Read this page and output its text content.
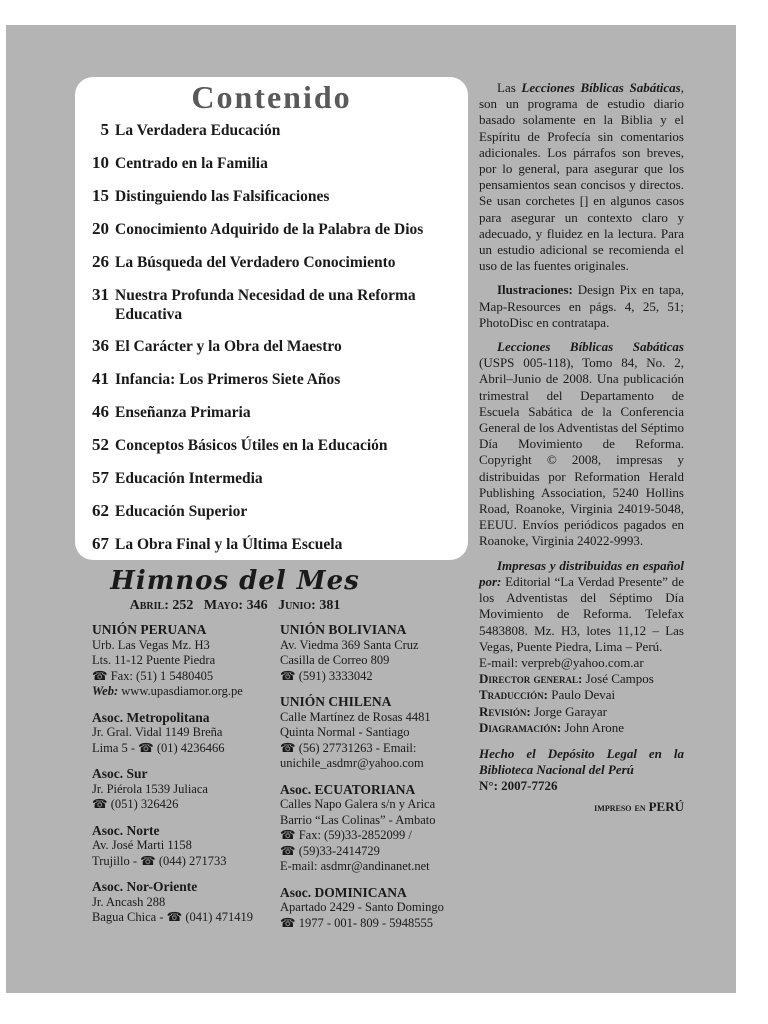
Contenido
5 La Verdadera Educación
10 Centrado en la Familia
15 Distinguiendo las Falsificaciones
20 Conocimiento Adquirido de la Palabra de Dios
26 La Búsqueda del Verdadero Conocimiento
31 Nuestra Profunda Necesidad de una Reforma
Educativa
36 El Carácter y la Obra del Maestro
41 Infancia: Los Primeros Siete Años
46 Enseñanza Primaria
52 Conceptos Básicos Útiles en la Educación
57 Educación Intermedia
62 Educación Superior
67 La Obra Final y la Última Escuela
Himnos del Mes
Abril: 252 Mayo: 346 Junio: 381
UNIÓN PERUANA
Urb. Las Vegas Mz. H3
Lts. 11-12 Puente Piedra
☎ Fax: (51) 1 5480405
Web: www.upasdiamor.org.pe
Asoc. Metropolitana
Jr. Gral. Vidal 1149 Breña
Lima 5 - ☎ (01) 4236466
Asoc. Sur
Jr. Piérola 1539 Juliaca
☎ (051) 326426
Asoc. Norte
Av. José Marti 1158
Trujillo - ☎ (044) 271733
Asoc. Nor-Oriente
Jr. Ancash 288
Bagua Chica - ☎ (041) 471419
UNIÓN BOLIVIANA
Av. Viedma 369 Santa Cruz
Casilla de Correo 809
☎ (591) 3333042
UNIÓN CHILENA
Calle Martínez de Rosas 4481
Quinta Normal - Santiago
☎ (56) 27731263 - Email:
unichile_asdmr@yahoo.com
Asoc. ECUATORIANA
Calles Napo Galera s/n y Arica
Barrio “Las Colinas” - Ambato
☎ Fax: (59)33-2852099 /
☎ (59)33-2414729
E-mail: asdmr@andinanet.net
Asoc. DOMINICANA
Apartado 2429 - Santo Domingo
☎ 1977 - 001- 809 - 5948555

Las Lecciones Bíblicas Sabáticas, son un programa de estudio diario basado solamente en la Biblia y el Espíritu de Profecía sin comentarios adicionales. Los párrafos son breves, por lo general, para asegurar que los pensamientos sean concisos y directos. Se usan corchetes [] en algunos casos para asegurar un contexto claro y adecuado, y fluidez en la lectura. Para un estudio adicional se recomienda el uso de las fuentes originales.

Ilustraciones: Design Pix en tapa, Map-Resources en págs. 4, 25, 51; PhotoDisc en contratapa.

Lecciones Bíblicas Sabáticas (USPS 005-118), Tomo 84, No. 2, Abril–Junio de 2008. Una publicación trimestral del Departamento de Escuela Sabática de la Conferencia General de los Adventistas del Séptimo Día Movimiento de Reforma. Copyright © 2008, impresas y distribuidas por Reformation Herald Publishing Association, 5240 Hollins Road, Roanoke, Virginia 24019-5048, EEUU. Envíos periódicos pagados en Roanoke, Virginia 24022-9993.

Impresas y distribuidas en español por: Editorial “La Verdad Presente” de los Adventistas del Séptimo Día Movimiento de Reforma. Telefax 5483808. Mz. H3, lotes 11,12 – Las Vegas, Puente Piedra, Lima – Perú.

E-mail: verpreb@yahoo.com.ar
Director general: José Campos
Traducción: Paulo Devai
Revisión: Jorge Garayar
Diagramación: John Arone
Hecho el Depósito Legal en la Biblioteca Nacional del Perú
N°: 2007-7726
impreso en PERÚ
